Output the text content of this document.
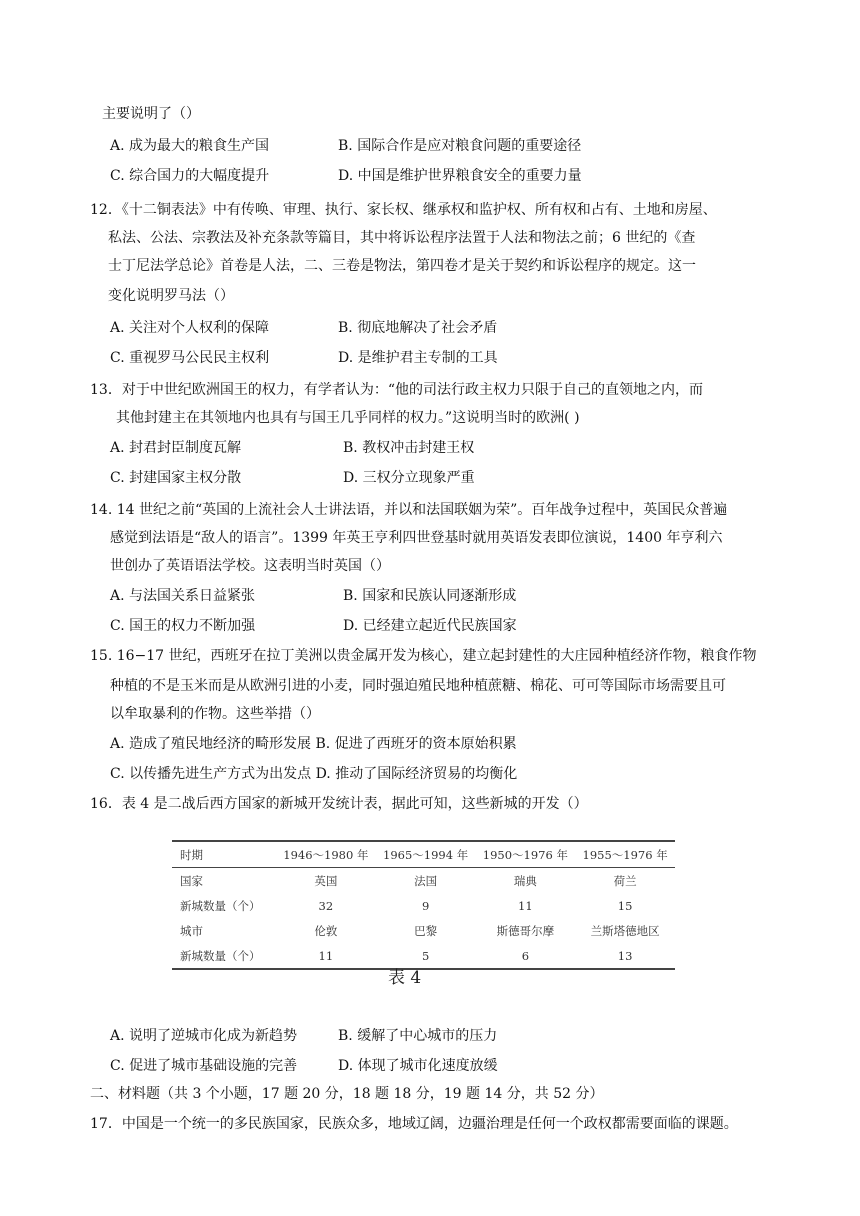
主要说明了（）
A. 成为最大的粮食生产国	B. 国际合作是应对粮食问题的重要途径
C. 综合国力的大幅度提升	D. 中国是维护世界粮食安全的重要力量
12．《十二铜表法》中有传唤、审理、执行、家长权、继承权和监护权、所有权和占有、土地和房屋、
私法、公法、宗教法及补充条款等篇目，其中将诉讼程序法置于人法和物法之前；6 世纪的《查
士丁尼法学总论》首卷是人法，二、三卷是物法，第四卷才是关于契约和诉讼程序的规定。这一
变化说明罗马法（）
A. 关注对个人权利的保障	B. 彻底地解决了社会矛盾
C. 重视罗马公民民主权利	D. 是维护君主专制的工具
13．对于中世纪欧洲国王的权力，有学者认为：“他的司法行政主权力只限于自己的直领地之内，而
其他封建主在其领地内也具有与国王几乎同样的权力。”这说明当时的欧洲( )
A. 封君封臣制度瓦解	B. 教权冲击封建王权
C. 封建国家主权分散	D. 三权分立现象严重
14. 14 世纪之前“英国的上流社会人士讲法语，并以和法国联姻为荣”。百年战争过程中，英国民众普遍
感觉到法语是“敌人的语言”。1399 年英王亨利四世登基时就用英语发表即位演说，1400 年亨利六
世创办了英语语法学校。这表明当时英国（）
A. 与法国关系日益紧张	B. 国家和民族认同逐渐形成
C. 国王的权力不断加强	D. 已经建立起近代民族国家
15. 16−17 世纪，西班牙在拉丁美洲以贵金属开发为核心，建立起封建性的大庄园种植经济作物，粮食作物
种植的不是玉米而是从欧洲引进的小麦，同时强迫殖民地种植蔗糖、棉花、可可等国际市场需要且可
以牟取暴利的作物。这些举措（）
A. 造成了殖民地经济的畸形发展 B. 促进了西班牙的资本原始积累
C. 以传播先进生产方式为出发点 D. 推动了国际经济贸易的均衡化
16．表 4 是二战后西方国家的新城开发统计表，据此可知，这些新城的开发（）
时期	1946～1980 年	1965～1994 年	1950～1976 年	1955～1976 年
国家	英国	法国	瑞典	荷兰
新城数量（个）	32	9	11	15
城市	伦敦	巴黎	斯德哥尔摩	兰斯塔德地区
新城数量（个）	11	5	6	13
表 4
A. 说明了逆城市化成为新趋势	B. 缓解了中心城市的压力
C. 促进了城市基础设施的完善	D. 体现了城市化速度放缓
二、材料题（共 3 个小题，17 题 20 分，18 题 18 分，19 题 14 分，共 52 分）
17．中国是一个统一的多民族国家，民族众多，地域辽阔，边疆治理是任何一个政权都需要面临的课题。
